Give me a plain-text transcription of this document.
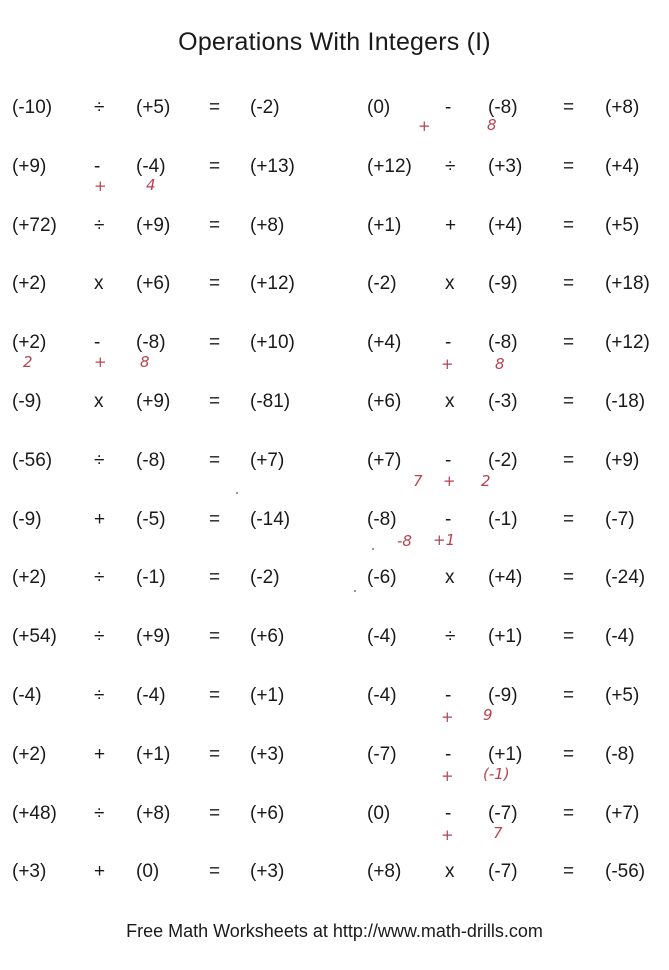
Operations With Integers (I)
(-10) ÷ (+5) = (-2)
(+9)	- (-4) = (+13)
+	4
(+72) ÷ (+9) = (+8)
(+2)	x (+6) = (+12)
(+2)	- (-8) = (+10)
2	+ 8
(-9)	x (+9) = (-81)
(-56) ÷ (-8) = (+7)
(-9)	+ (-5) = (-14)
(+2)	÷ (-1) = (-2)
(+54) ÷ (+9) = (+6)
(-4)	÷ (-4) = (+1)
(+2)	+ (+1) = (+3)
(+48) ÷ (+8) = (+6)
(+3)	+ (0)	= (+3)
(0)	- (-8) = (+8)
+	8
(+12) ÷ (+3) = (+4)
(+1) + (+4) = (+5)
(-2)	x (-9) = (+18)
(+4) - (-8) = (+12)
+	8
(+6) x (-3) = (-18)
(+7) - (-2) = (+9)
7 + 2
(-8)	- (-1) = (-7)
-8 +1
(-6)	x (+4) = (-24)
(-4)	÷ (+1) = (-4)
(-4)	- (-9) = (+5)
+ 9
(-7)	- (+1) = (-8)
+ (-1)
(0)	- (-7) = (+7)
+	7
(+8) x (-7) = (-56)
Free Math Worksheets at http://www.math-drills.com
